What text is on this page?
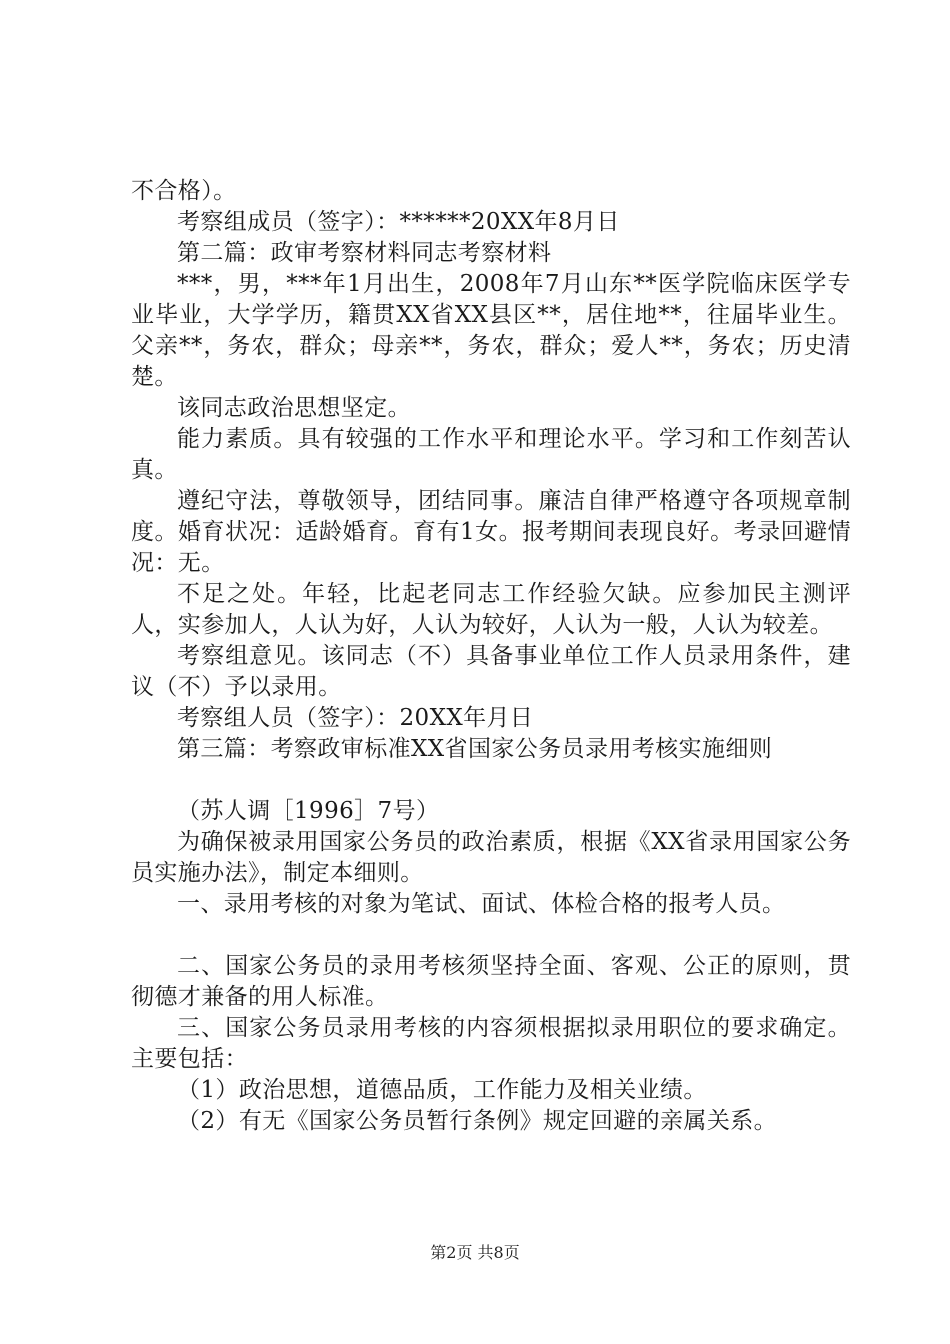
不合格）。

考察组成员（签字）：******20XX年8月日

第二篇：政审考察材料同志考察材料

***，男，***年1月出生，2008年7月山东**医学院临床医学专业毕业，大学学历，籍贯XX省XX县区**，居住地**，往届毕业生。父亲**，务农，群众；母亲**，务农，群众；爱人**，务农；历史清楚。

该同志政治思想坚定。

能力素质。具有较强的工作水平和理论水平。学习和工作刻苦认真。

遵纪守法，尊敬领导，团结同事。廉洁自律严格遵守各项规章制度。婚育状况：适龄婚育。育有1女。报考期间表现良好。考录回避情况：无。

不足之处。年轻，比起老同志工作经验欠缺。应参加民主测评人，实参加人，人认为好，人认为较好，人认为一般，人认为较差。

考察组意见。该同志（不）具备事业单位工作人员录用条件，建议（不）予以录用。

考察组人员（签字）：20XX年月日

第三篇：考察政审标准XX省国家公务员录用考核实施细则

（苏人调［1996］7号）

为确保被录用国家公务员的政治素质，根据《XX省录用国家公务员实施办法》，制定本细则。

一、录用考核的对象为笔试、面试、体检合格的报考人员。

二、国家公务员的录用考核须坚持全面、客观、公正的原则，贯彻德才兼备的用人标准。

三、国家公务员录用考核的内容须根据拟录用职位的要求确定。主要包括：

（1）政治思想，道德品质，工作能力及相关业绩。

（2）有无《国家公务员暂行条例》规定回避的亲属关系。

第2页 共8页
